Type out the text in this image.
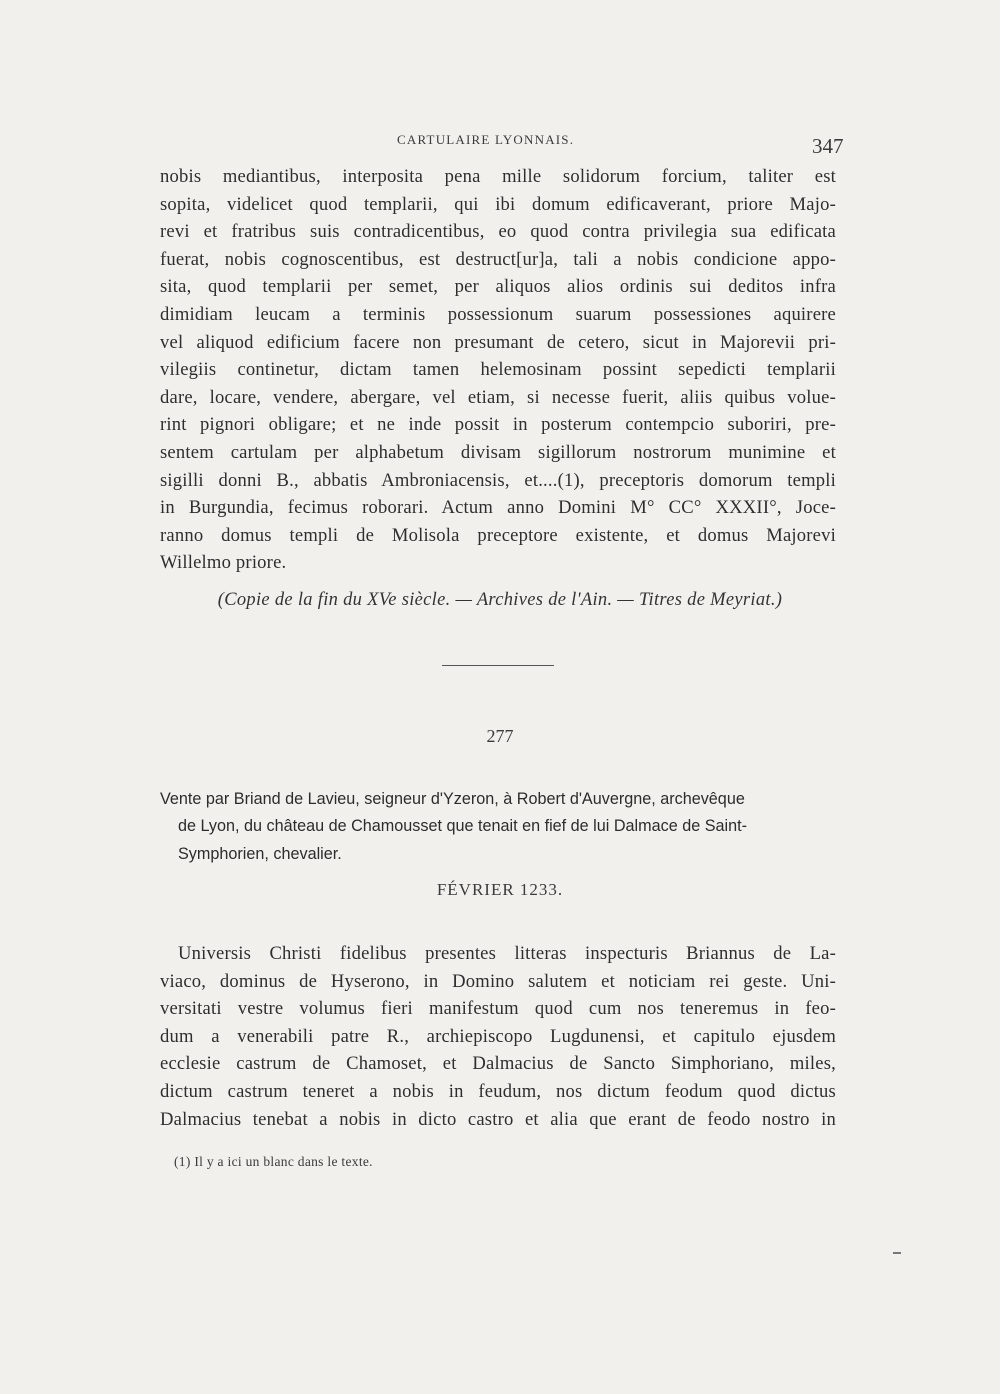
CARTULAIRE LYONNAIS.	347
nobis mediantibus, interposita pena mille solidorum forcium, taliter est
sopita, videlicet quod templarii, qui ibi domum edificaverant, priore Majo-
revi et fratribus suis contradicentibus, eo quod contra privilegia sua edificata
fuerat, nobis cognoscentibus, est destruct[ur]a, tali a nobis condicione appo-
sita, quod templarii per semet, per aliquos alios ordinis sui deditos infra
dimidiam leucam a terminis possessionum suarum possessiones aquirere
vel aliquod edificium facere non presumant de cetero, sicut in Majorevii pri-
vilegiis continetur, dictam tamen helemosinam possint sepedicti templarii
dare, locare, vendere, abergare, vel etiam, si necesse fuerit, aliis quibus volue-
rint pignori obligare; et ne inde possit in posterum contempcio suboriri, pre-
sentem cartulam per alphabetum divisam sigillorum nostrorum munimine et
sigilli donni B., abbatis Ambroniacensis, et....(1), preceptoris domorum templi
in Burgundia, fecimus roborari. Actum anno Domini M° CC° XXXII°, Joce-
ranno domus templi de Molisola preceptore existente, et domus Majorevi
Willelmo priore.
(Copie de la fin du XVe siècle. — Archives de l'Ain. — Titres de Meyriat.)
277
Vente par Briand de Lavieu, seigneur d'Yzeron, à Robert d'Auvergne, archevêque
de Lyon, du château de Chamousset que tenait en fief de lui Dalmace de Saint-
Symphorien, chevalier.
FÉVRIER 1233.
Universis Christi fidelibus presentes litteras inspecturis Briannus de La-
viaco, dominus de Hyserono, in Domino salutem et noticiam rei geste. Uni-
versitati vestre volumus fieri manifestum quod cum nos teneremus in feo-
dum a venerabili patre R., archiepiscopo Lugdunensi, et capitulo ejusdem
ecclesie castrum de Chamoset, et Dalmacius de Sancto Simphoriano, miles,
dictum castrum teneret a nobis in feudum, nos dictum feodum quod dictus
Dalmacius tenebat a nobis in dicto castro et alia que erant de feodo nostro in
(1) Il y a ici un blanc dans le texte.
